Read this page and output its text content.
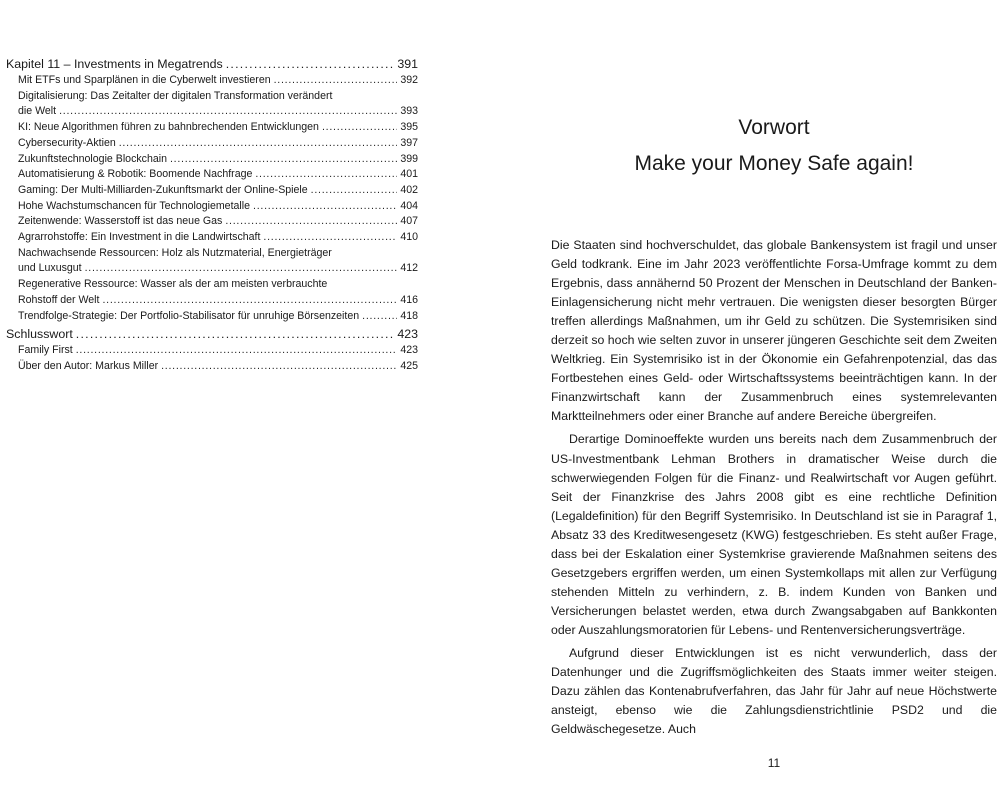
Kapitel 11 – Investments in Megatrends . . .	391
Mit ETFs und Sparplänen in die Cyberwelt investieren . . .	392
Digitalisierung: Das Zeitalter der digitalen Transformation verändert
die Welt . . .	393
KI: Neue Algorithmen führen zu bahnbrechenden Entwicklungen . . .	395
Cybersecurity-Aktien . . .	397
Zukunftstechnologie Blockchain . . .	399
Automatisierung & Robotik: Boomende Nachfrage . . .	401
Gaming: Der Multi-Milliarden-Zukunftsmarkt der Online-Spiele . . .	402
Hohe Wachstumschancen für Technologiemetalle . . .	404
Zeitenwende: Wasserstoff ist das neue Gas . . .	407
Agrarrohstoffe: Ein Investment in die Landwirtschaft . . .	410
Nachwachsende Ressourcen: Holz als Nutzmaterial, Energieträger
und Luxusgut . . .	412
Regenerative Ressource: Wasser als der am meisten verbrauchte
Rohstoff der Welt . . .	416
Trendfolge-Strategie: Der Portfolio-Stabilisator für unruhige Börsenzeiten . . .	418
Schlusswort . . .	423
Family First . . .	423
Über den Autor: Markus Miller . . .	425
Vorwort
Make your Money Safe again!

Die Staaten sind hochverschuldet, das globale Bankensystem ist fragil und unser Geld todkrank. Eine im Jahr 2023 veröffentlichte Forsa-Umfrage kommt zu dem Ergebnis, dass annähernd 50 Prozent der Menschen in Deutschland der Banken-Einlagensicherung nicht mehr vertrauen. Die wenigsten dieser besorgten Bürger treffen allerdings Maßnahmen, um ihr Geld zu schützen. Die Systemrisiken sind derzeit so hoch wie selten zuvor in unserer jüngeren Geschichte seit dem Zweiten Weltkrieg. Ein Systemrisiko ist in der Ökonomie ein Gefahrenpotenzial, das das Fortbestehen eines Geld- oder Wirtschaftssystems beeinträchtigen kann. In der Finanzwirtschaft kann der Zusammenbruch eines systemrelevanten Marktteilnehmers oder einer Branche auf andere Bereiche übergreifen.

Derartige Dominoeffekte wurden uns bereits nach dem Zusammenbruch der US-Investmentbank Lehman Brothers in dramatischer Weise durch die schwerwiegenden Folgen für die Finanz- und Realwirtschaft vor Augen geführt. Seit der Finanzkrise des Jahrs 2008 gibt es eine rechtliche Definition (Legaldefinition) für den Begriff Systemrisiko. In Deutschland ist sie in Paragraf 1, Absatz 33 des Kreditwesengesetz (KWG) festgeschrieben. Es steht außer Frage, dass bei der Eskalation einer Systemkrise gravierende Maßnahmen seitens des Gesetzgebers ergriffen werden, um einen Systemkollaps mit allen zur Verfügung stehenden Mitteln zu verhindern, z. B. indem Kunden von Banken und Versicherungen belastet werden, etwa durch Zwangsabgaben auf Bankkonten oder Auszahlungsmoratorien für Lebens- und Rentenversicherungsverträge.

Aufgrund dieser Entwicklungen ist es nicht verwunderlich, dass der Datenhunger und die Zugriffsmöglichkeiten des Staats immer weiter steigen. Dazu zählen das Kontenabrufverfahren, das Jahr für Jahr auf neue Höchstwerte ansteigt, ebenso wie die Zahlungsdienstrichtlinie PSD2 und die Geldwäschegesetze. Auch

11
